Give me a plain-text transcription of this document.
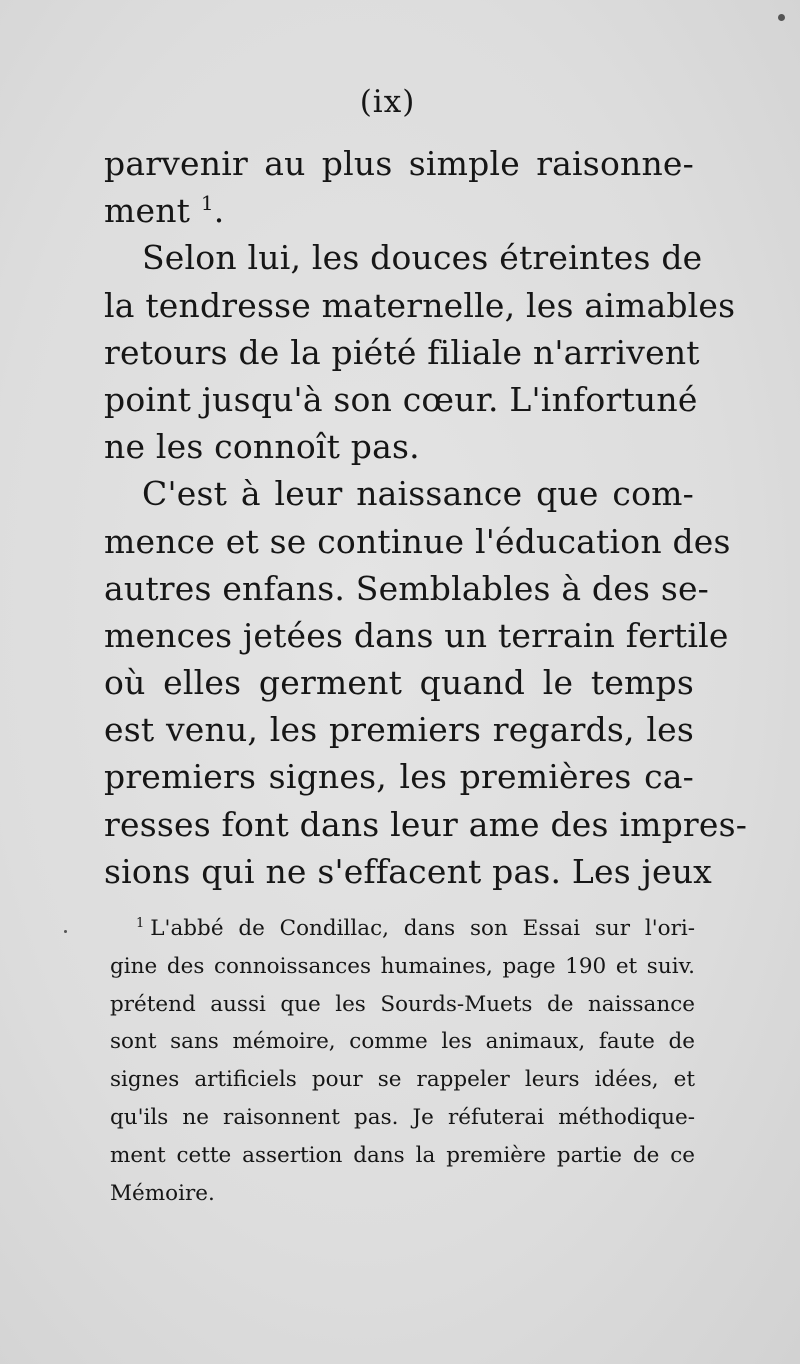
(ix)
parvenir au plus simple raisonne-
ment $^1$.
Selon lui, les douces étreintes de
la tendresse maternelle, les aimables
retours de la piété filiale n'arrivent
point jusqu'à son cœur. L'infortuné
ne les connoît pas.
C'est à leur naissance que com-
mence et se continue l'éducation des
autres enfans. Semblables à des se-
mences jetées dans un terrain fertile
où elles germent quand le temps
est venu, les premiers regards, les
premiers signes, les premières ca-
resses font dans leur ame des impres-
sions qui ne s'effacent pas. Les jeux
$^1$ L'abbé de Condillac, dans son Essai sur l'ori-
gine des connoissances humaines, page 190 et suiv.
prétend aussi que les Sourds-Muets de naissance
sont sans mémoire, comme les animaux, faute de
signes artificiels pour se rappeler leurs idées, et
qu'ils ne raisonnent pas. Je réfuterai méthodique-
ment cette assertion dans la première partie de ce
Mémoire.
